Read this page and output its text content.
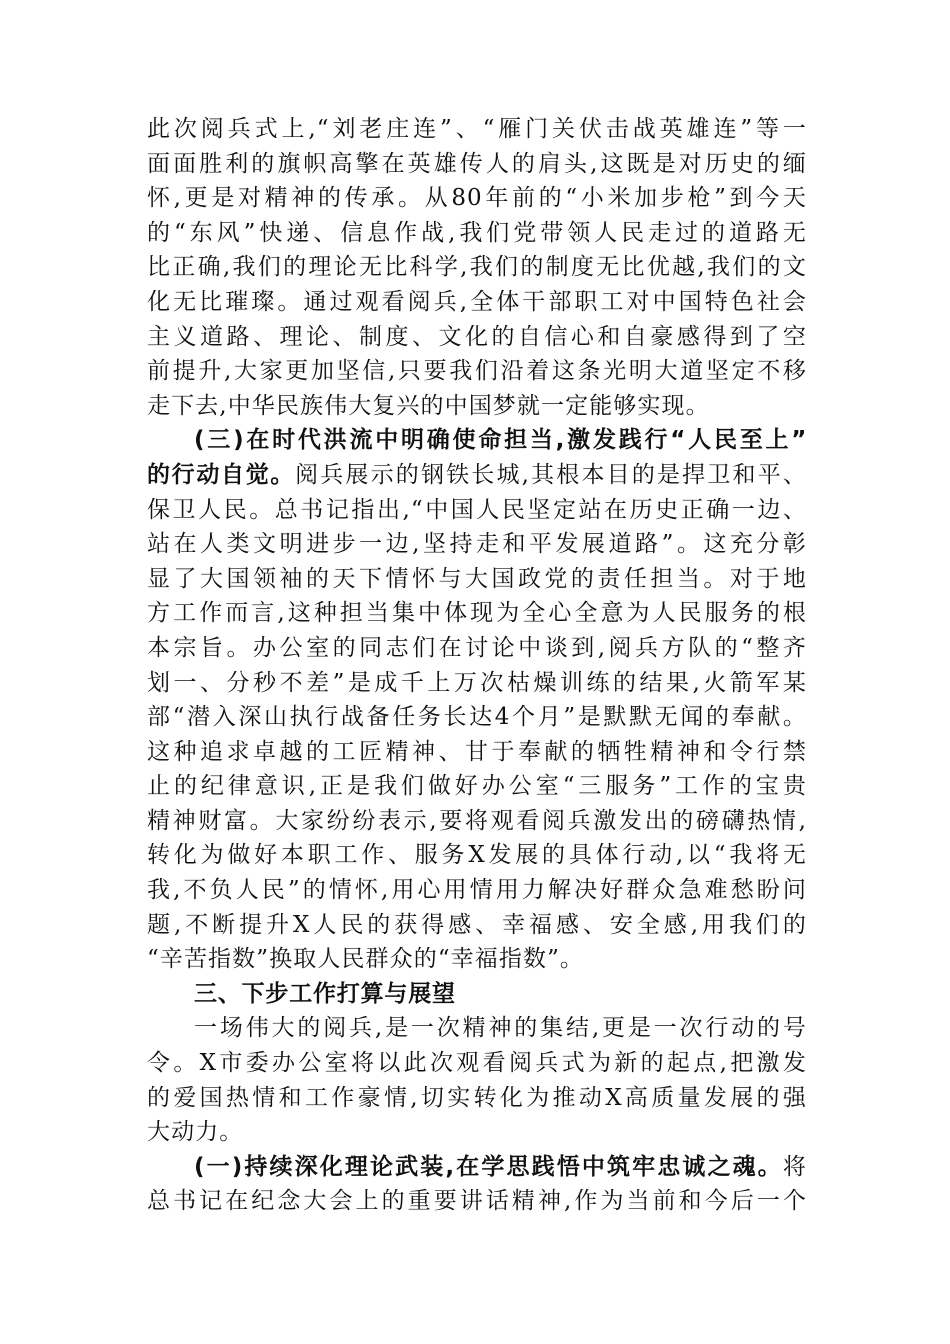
此次阅兵式上,“刘老庄连”、“雁门关伏击战英雄连”等一
面面胜利的旗帜高擎在英雄传人的肩头,这既是对历史的缅
怀,更是对精神的传承。从80年前的“小米加步枪”到今天
的“东风”快递、信息作战,我们党带领人民走过的道路无
比正确,我们的理论无比科学,我们的制度无比优越,我们的文
化无比璀璨。通过观看阅兵,全体干部职工对中国特色社会
主义道路、理论、制度、文化的自信心和自豪感得到了空
前提升,大家更加坚信,只要我们沿着这条光明大道坚定不移
走下去,中华民族伟大复兴的中国梦就一定能够实现。
(三)在时代洪流中明确使命担当,激发践行“人民至上”
的行动自觉。阅兵展示的钢铁长城,其根本目的是捍卫和平、
保卫人民。总书记指出,“中国人民坚定站在历史正确一边、
站在人类文明进步一边,坚持走和平发展道路”。这充分彰
显了大国领袖的天下情怀与大国政党的责任担当。对于地
方工作而言,这种担当集中体现为全心全意为人民服务的根
本宗旨。办公室的同志们在讨论中谈到,阅兵方队的“整齐
划一、分秒不差”是成千上万次枯燥训练的结果,火箭军某
部“潜入深山执行战备任务长达4个月”是默默无闻的奉献。
这种追求卓越的工匠精神、甘于奉献的牺牲精神和令行禁
止的纪律意识,正是我们做好办公室“三服务”工作的宝贵
精神财富。大家纷纷表示,要将观看阅兵激发出的磅礴热情,
转化为做好本职工作、服务X发展的具体行动,以“我将无
我,不负人民”的情怀,用心用情用力解决好群众急难愁盼问
题,不断提升X人民的获得感、幸福感、安全感,用我们的
“辛苦指数”换取人民群众的“幸福指数”。
三、下步工作打算与展望
一场伟大的阅兵,是一次精神的集结,更是一次行动的号
令。X市委办公室将以此次观看阅兵式为新的起点,把激发
的爱国热情和工作豪情,切实转化为推动X高质量发展的强
大动力。
(一)持续深化理论武装,在学思践悟中筑牢忠诚之魂。将
总书记在纪念大会上的重要讲话精神,作为当前和今后一个
